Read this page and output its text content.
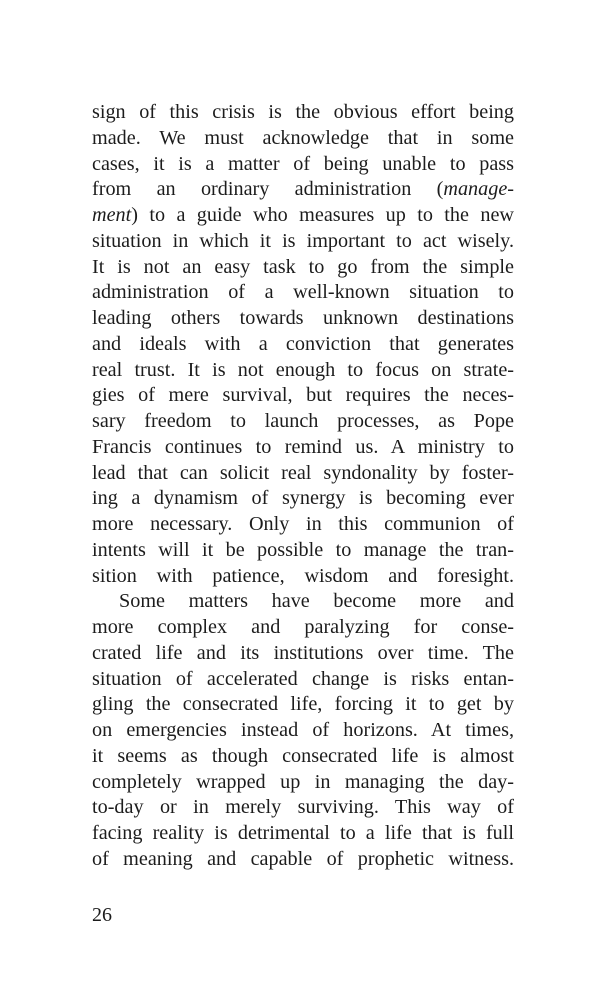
sign of this crisis is the obvious effort being
made. We must acknowledge that in some
cases, it is a matter of being unable to pass
from an ordinary administration (manage-
ment) to a guide who measures up to the new
situation in which it is important to act wisely.
It is not an easy task to go from the simple
administration of a well-known situation to
leading others towards unknown destinations
and ideals with a conviction that generates
real trust. It is not enough to focus on strate-
gies of mere survival, but requires the neces-
sary freedom to launch processes, as Pope
Francis continues to remind us. A ministry to
lead that can solicit real syndonality by foster-
ing a dynamism of synergy is becoming ever
more necessary. Only in this communion of
intents will it be possible to manage the tran-
sition with patience, wisdom and foresight.
Some matters have become more and
more complex and paralyzing for conse-
crated life and its institutions over time. The
situation of accelerated change is risks entan-
gling the consecrated life, forcing it to get by
on emergencies instead of horizons. At times,
it seems as though consecrated life is almost
completely wrapped up in managing the day-
to-day or in merely surviving. This way of
facing reality is detrimental to a life that is full
of meaning and capable of prophetic witness.
26
